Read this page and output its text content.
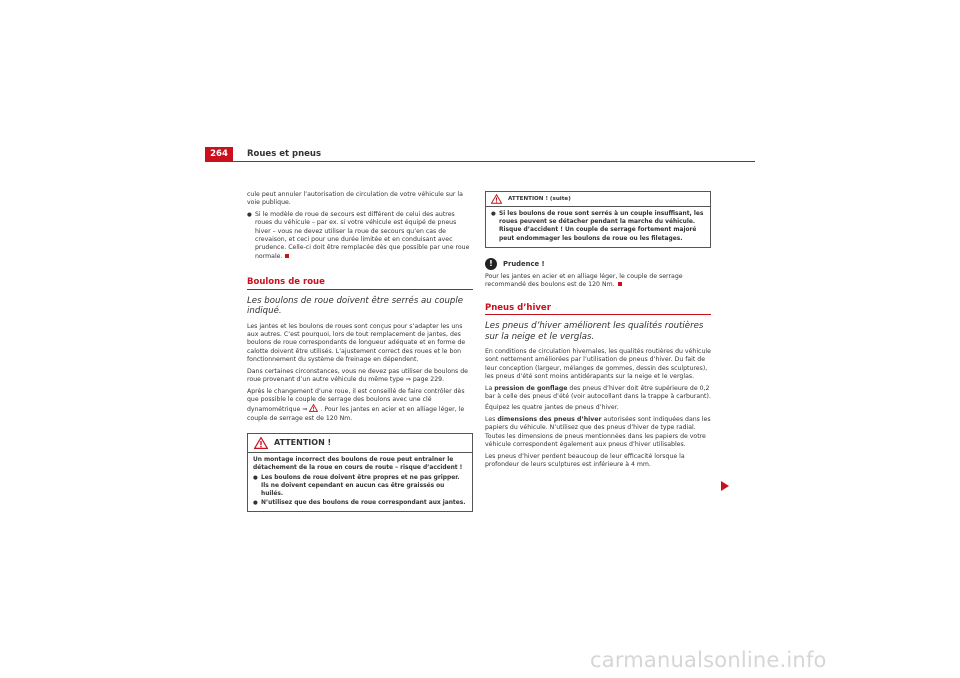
264	Roues et pneus

cule peut annuler l’autorisation de circulation de votre véhicule sur la voie publique.

● Si le modèle de roue de secours est différent de celui des autres roues du véhicule – par ex. si votre véhicule est équipé de pneus hiver – vous ne devez utiliser la roue de secours qu’en cas de crevaison, et ceci pour une durée limitée et en conduisant avec prudence. Celle-ci doit être remplacée dès que possible par une roue normale.

Boulons de roue
Les boulons de roue doivent être serrés au couple indiqué.

Les jantes et les boulons de roues sont conçus pour s’adapter les uns aux autres. C’est pourquoi, lors de tout remplacement de jantes, des boulons de roue correspondants de longueur adéquate et en forme de calotte doivent être utilisés. L’ajustement correct des roues et le bon fonctionnement du système de freinage en dépendent.

Dans certaines circonstances, vous ne devez pas utiliser de boulons de roue provenant d’un autre véhicule du même type ⇒ page 229.

Après le changement d’une roue, il est conseillé de faire contrôler dès que possible le couple de serrage des boulons avec une clé dynamométrique ⇒ . Pour les jantes en acier et en alliage léger, le couple de serrage est de 120 Nm.

ATTENTION !

Un montage incorrect des boulons de roue peut entraîner le détachement de la roue en cours de route – risque d’accident !

● Les boulons de roue doivent être propres et ne pas gripper. Ils ne doivent cependant en aucun cas être graissés ou huilés.

● N’utilisez que des boulons de roue correspondant aux jantes.

ATTENTION ! (suite)

● Si les boulons de roue sont serrés à un couple insuffisant, les roues peuvent se détacher pendant la marche du véhicule. Risque d’accident ! Un couple de serrage fortement majoré peut endommager les boulons de roue ou les filetages.

!	Prudence !

Pour les jantes en acier et en alliage léger, le couple de serrage recommandé des boulons est de 120 Nm.

Pneus d’hiver
Les pneus d’hiver améliorent les qualités routières sur la neige et le verglas.

En conditions de circulation hivernales, les qualités routières du véhicule sont nettement améliorées par l’utilisation de pneus d’hiver. Du fait de leur conception (largeur, mélanges de gommes, dessin des sculptures), les pneus d’été sont moins antidérapants sur la neige et le verglas.

La pression de gonflage des pneus d’hiver doit être supérieure de 0,2 bar à celle des pneus d’été (voir autocollant dans la trappe à carburant).

Équipez les quatre jantes de pneus d’hiver.

Les dimensions des pneus d’hiver autorisées sont indiquées dans les papiers du véhicule. N’utilisez que des pneus d’hiver de type radial. Toutes les dimensions de pneus mentionnées dans les papiers de votre véhicule correspondent également aux pneus d’hiver utilisables.

Les pneus d’hiver perdent beaucoup de leur efficacité lorsque la profondeur de leurs sculptures est inférieure à 4 mm.

carmanualsonline.info
